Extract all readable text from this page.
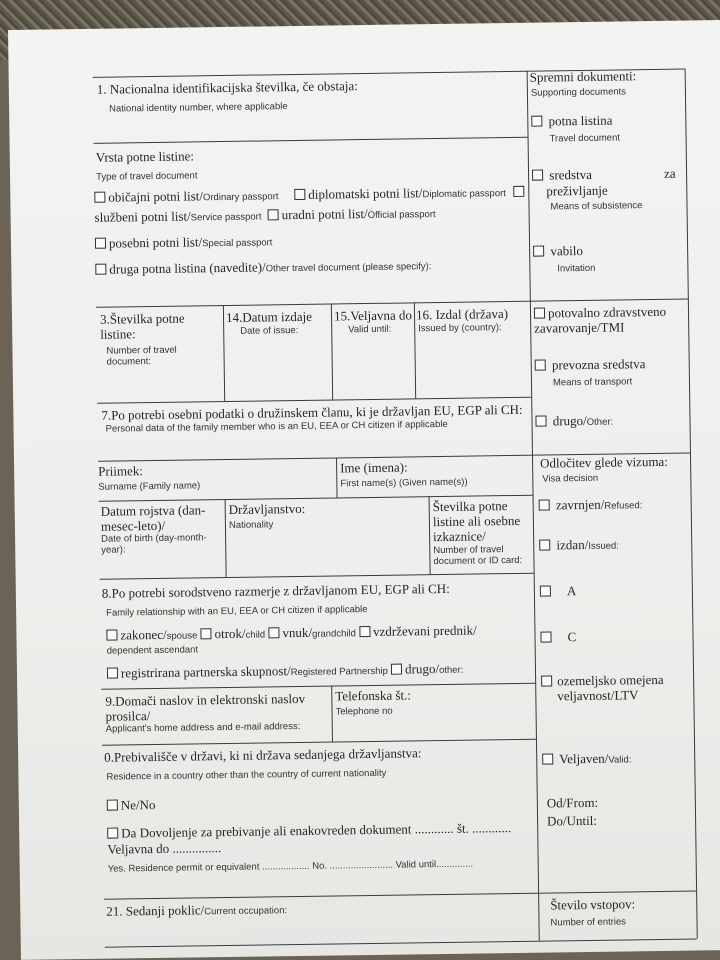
1. Nacionalna identifikacijska številka, če obstaja:
National identity number, where applicable
Vrsta potne listine:
Type of travel document
običajni potni list/Ordinary passport	diplomatski potni list/Diplomatic passport
službeni potni list/Service passport uradni potni list/Official passport
posebni potni list/Special passport
druga potna listina (navedite)/Other travel document (please specify):
3.Številka potne listine:
Number of travel document:
14.Datum izdaje
Date of issue:
15.Veljavna do
Valid until:
16. Izdal (država)
Issued by (country):
7.Po potrebi osebni podatki o družinskem članu, ki je državljan EU, EGP ali CH:
Personal data of the family member who is an EU, EEA or CH citizen if applicable
Priimek:
Surname (Family name)
Ime (imena):
First name(s) (Given name(s))
Datum rojstva (dan-mesec-leto)/
Date of birth (day-month-year):
Državljanstvo:
Nationality
Številka potne listine ali osebne izkaznice/
Number of travel document or ID card:
8.Po potrebi sorodstveno razmerje z državljanom EU, EGP ali CH:
Family relationship with an EU, EEA or CH citizen if applicable
zakonec/spouse otrok/child vnuk/grandchild vzdrževani prednik/
dependent ascendant
registrirana partnerska skupnost/Registered Partnership drugo/other:
9.Domači naslov in elektronski naslov prosilca/
Applicant's home address and e-mail address:
Telefonska št.:
Telephone no
0.Prebivališče v državi, ki ni država sedanjega državljanstva:
Residence in a country other than the country of current nationality
Ne/No
Da Dovoljenje za prebivanje ali enakovreden dokument ............ št. ............
Veljavna do ...............
Yes. Residence permit or equivalent .................. No. ........................ Valid until..............
21. Sedanji poklic/Current occupation:
Spremni dokumenti:
Supporting documents
potna listina
Travel document
sredstva	za
preživljanje
Means of subsistence
vabilo
Invitation
potovalno zdravstveno zavarovanje/TMI
prevozna sredstva
Means of transport
drugo/Other:
Odločitev glede vizuma:
Visa decision
zavrnjen/Refused:
izdan/Issued:
A
C
ozemeljsko omejena veljavnost/LTV
Veljaven/Valid:
Od/From:
Do/Until:
Število vstopov:
Number of entries
